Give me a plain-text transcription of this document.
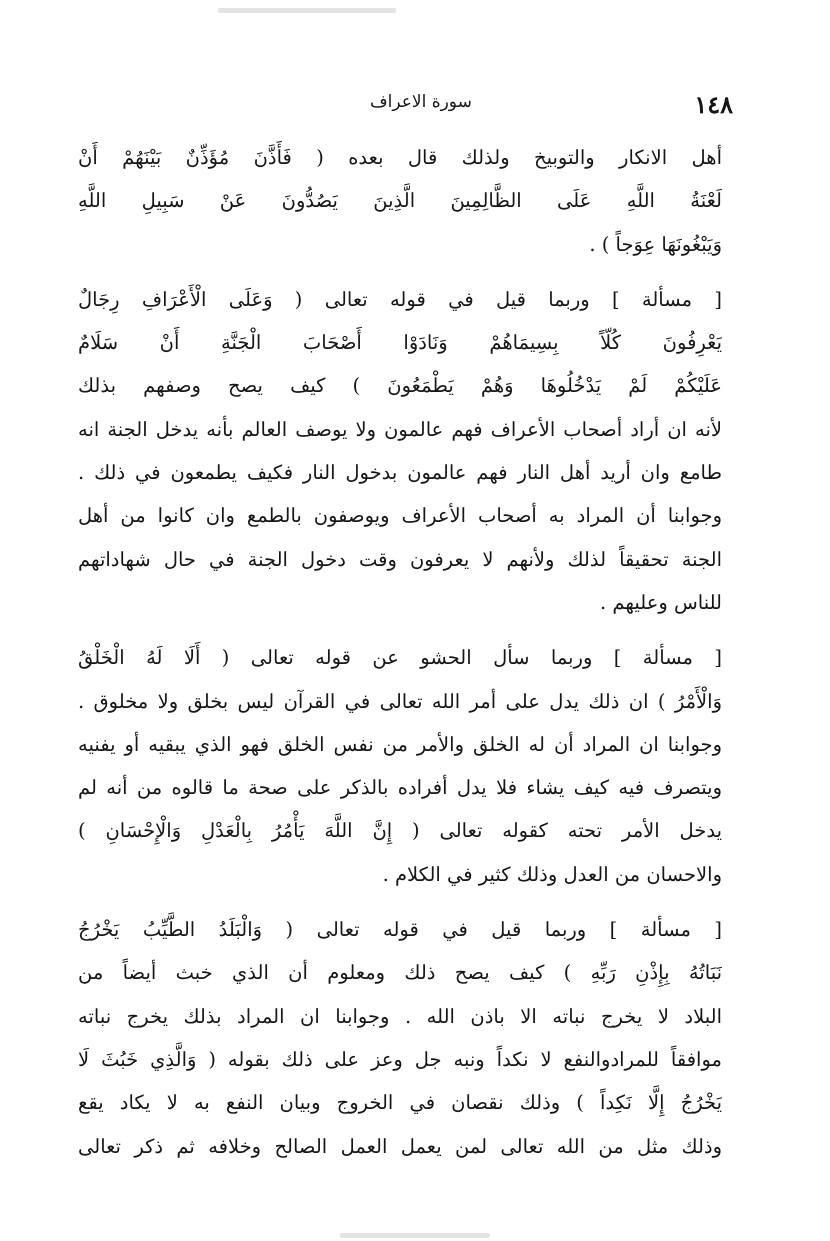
١٤٨
سورة الاعراف
أهل الانكار والتوبيخ ولذلك قال بعده ( فَأَذَّنَ مُؤَذِّنٌ بَيْنَهُمْ أَنْ
لَعْنَةُ اللَّهِ عَلَى الظَّالِمِينَ الَّذِينَ يَصُدُّونَ عَنْ سَبِيلِ اللَّهِ
وَيَبْغُونَهَا عِوَجاً ) .
[ مسألة ] وربما قيل في قوله تعالى ( وَعَلَى الْأَعْرَافِ رِجَالٌ
يَعْرِفُونَ كُلّاً بِسِيمَاهُمْ وَنَادَوْا أَصْحَابَ الْجَنَّةِ أَنْ سَلَامٌ
عَلَيْكُمْ لَمْ يَدْخُلُوهَا وَهُمْ يَطْمَعُونَ ) كيف يصح وصفهم بذلك
لأنه ان أراد أصحاب الأعراف فهم عالمون ولا يوصف العالم بأنه يدخل الجنة انه
طامع وان أريد أهل النار فهم عالمون بدخول النار فكيف يطمعون في ذلك .
وجوابنا أن المراد به أصحاب الأعراف ويوصفون بالطمع وان كانوا من أهل
الجنة تحقيقاً لذلك ولأنهم لا يعرفون وقت دخول الجنة في حال شهاداتهم
للناس وعليهم .
[ مسألة ] وربما سأل الحشو عن قوله تعالى ( أَلَا لَهُ الْخَلْقُ
وَالْأَمْرُ ) ان ذلك يدل على أمر الله تعالى في القرآن ليس بخلق ولا مخلوق .
وجوابنا ان المراد أن له الخلق والأمر من نفس الخلق فهو الذي يبقيه أو يفنيه
ويتصرف فيه كيف يشاء فلا يدل أفراده بالذكر على صحة ما قالوه من أنه لم
يدخل الأمر تحته كقوله تعالى ( إِنَّ اللَّهَ يَأْمُرُ بِالْعَدْلِ وَالْإِحْسَانِ )
والاحسان من العدل وذلك كثير في الكلام .
[ مسألة ] وربما قيل في قوله تعالى ( وَالْبَلَدُ الطَّيِّبُ يَخْرُجُ
نَبَاتُهُ بِإِذْنِ رَبِّهِ ) كيف يصح ذلك ومعلوم أن الذي خبث أيضاً من
البلاد لا يخرج نباته الا باذن الله . وجوابنا ان المراد بذلك يخرج نباته
موافقاً للمرادوالنفع لا نكداً ونبه جل وعز على ذلك بقوله ( وَالَّذِي خَبُثَ لَا
يَخْرُجُ إِلَّا نَكِداً ) وذلك نقصان في الخروج وبيان النفع به لا يكاد يقع
وذلك مثل من الله تعالى لمن يعمل العمل الصالح وخلافه ثم ذكر تعالى
